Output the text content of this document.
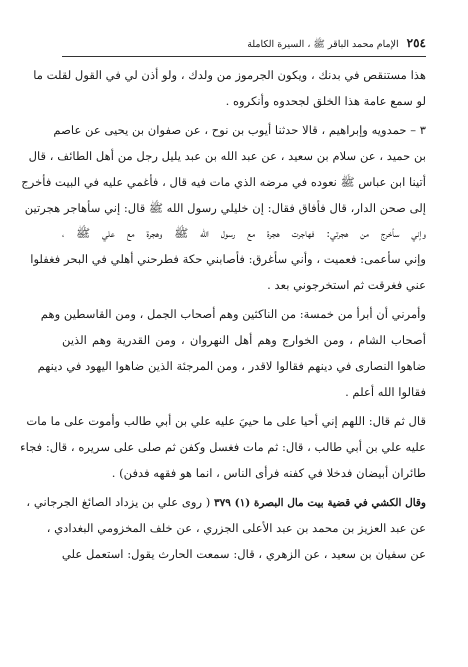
٢٥٤
الإمام محمد الباقر ﷺ ، السيرة الكاملة
هذا مستنقص في بدنك ، ويكون الجرموز من ولدك ، ولو أذن لي في القول لقلت ما
لو سمع عامة هذا الخلق لجحدوه وأنكروه .
٣ – حمدويه وإبراهيم ، قالا حدثنا أيوب بن نوح ، عن صفوان بن يحيى عن عاصم
بن حميد ، عن سلام بن سعيد ، عن عبد الله بن عبد يليل رجل من أهل الطائف ، قال
أتينا ابن عباس ﷺ نعوده في مرضه الذي مات فيه قال ، فأغمي عليه في البيت فأخرج
إلى صحن الدار، قال فأفاق فقال: إن خليلي رسول الله ﷺ قال: إني سأهاجر هجرتين
وإني سأخرج من هجرتي: فهاجرت هجرة مع رسول الله ﷺ وهجرة مع علي ﷺ ،
وإني سأعمى: فعميت ، وأني سأغرق: فأصابني حكة فطرحني أهلي في البحر فغفلوا
عني فغرقت ثم استخرجوني بعد .
وأمرني أن أبرأ من خمسة: من الناكثين وهم أصحاب الجمل ، ومن القاسطين وهم
أصحاب الشام ، ومن الخوارج وهم أهل النهروان ، ومن القدرية وهم الذين
ضاهوا النصارى في دينهم فقالوا لاقدر ، ومن المرجئة الذين ضاهوا اليهود في دينهم
فقالوا الله أعلم .
قال ثم قال: اللهم إني أحيا على ما حييَ عليه علي بن أبي طالب وأموت على ما مات
عليه علي بن أبي طالب ، قال: ثم مات فغسل وكفن ثم صلى على سريره ، قال: فجاء
طائران أبيضان فدخلا في كفنه فرأى الناس ، انما هو فقهه فدفن) .
وقال الكشي في قضية بيت مال البصرة (١) ٣٧٩ ( روى علي بن يزداد الصائغ الجرجاني ،
عن عبد العزيز بن محمد بن عبد الأعلى الجزري ، عن خلف المخزومي البغدادي ،
عن سفيان بن سعيد ، عن الزهري ، قال: سمعت الحارث يقول: استعمل علي
